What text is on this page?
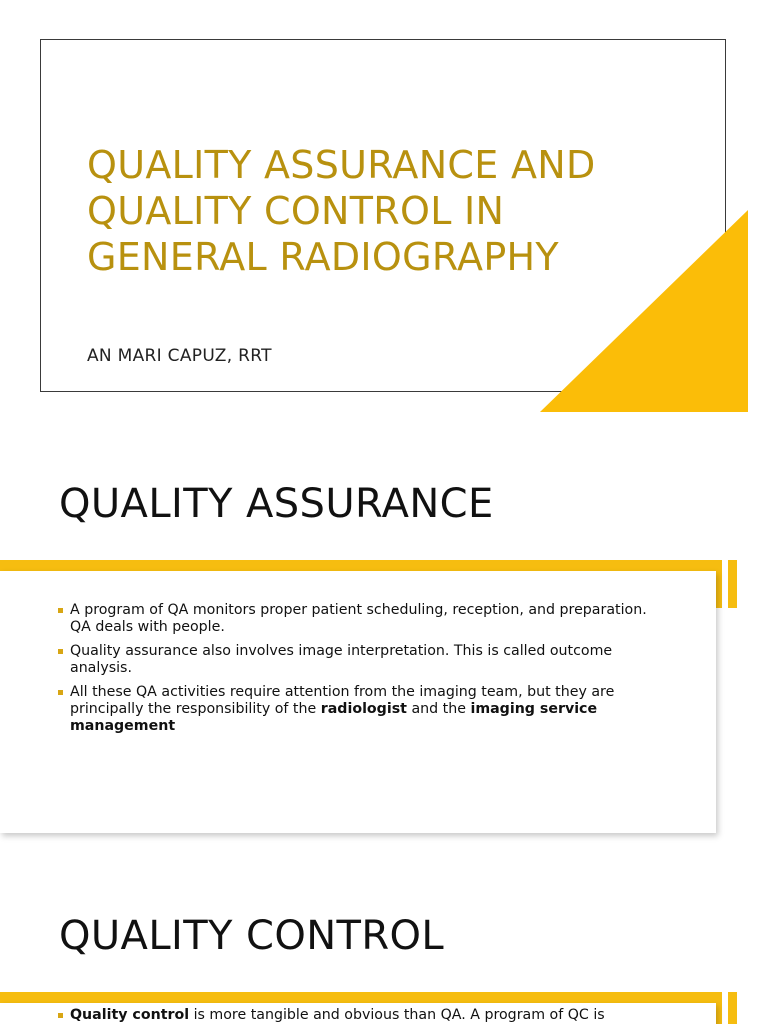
QUALITY ASSURANCE AND QUALITY CONTROL IN GENERAL RADIOGRAPHY

AN MARI CAPUZ, RRT

QUALITY ASSURANCE
A program of QA monitors proper patient scheduling, reception, and preparation. QA deals with people.
Quality assurance also involves image interpretation. This is called outcome analysis.
All these QA activities require attention from the imaging team, but they are principally the responsibility of the radiologist and the imaging service management
QUALITY CONTROL
Quality control is more tangible and obvious than QA. A program of QC is
